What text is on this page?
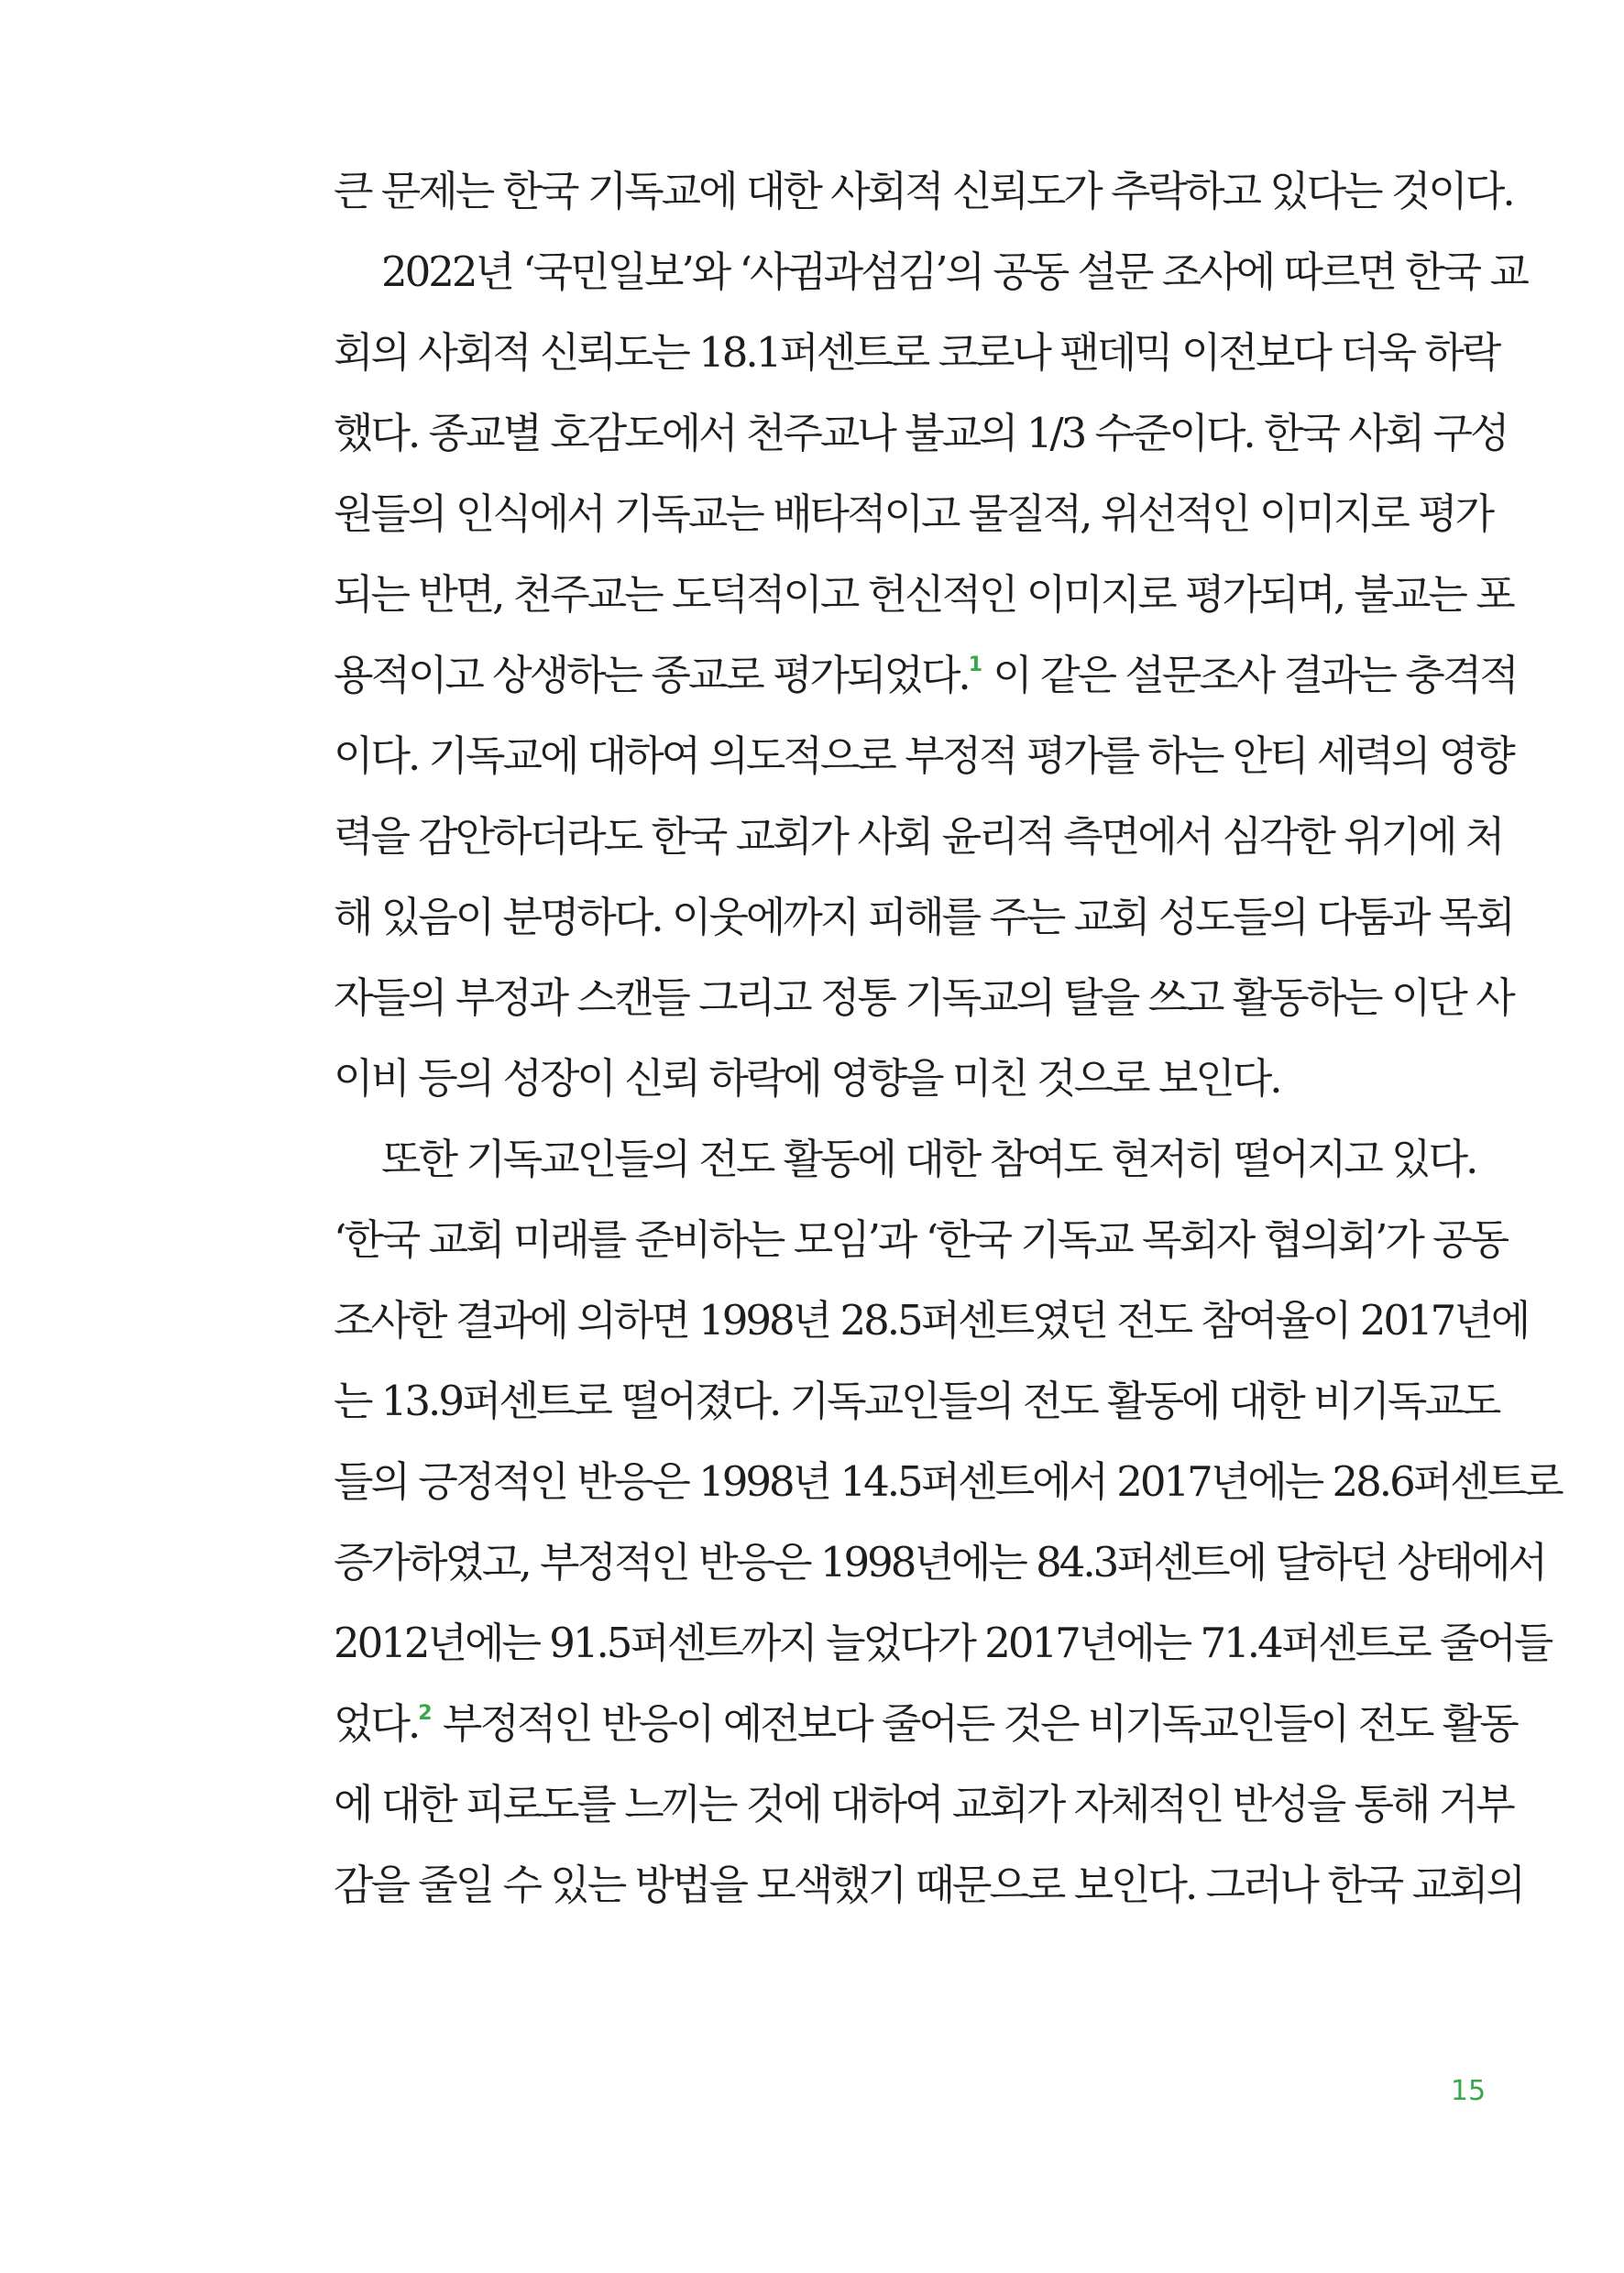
큰 문제는 한국 기독교에 대한 사회적 신뢰도가 추락하고 있다는 것이다.
2022년 ‘국민일보’와 ‘사귐과섬김’의 공동 설문 조사에 따르면 한국 교
회의 사회적 신뢰도는 18.1퍼센트로 코로나 팬데믹 이전보다 더욱 하락
했다. 종교별 호감도에서 천주교나 불교의 1/3 수준이다. 한국 사회 구성
원들의 인식에서 기독교는 배타적이고 물질적, 위선적인 이미지로 평가
되는 반면, 천주교는 도덕적이고 헌신적인 이미지로 평가되며, 불교는 포
용적이고 상생하는 종교로 평가되었다.$^1$ 이 같은 설문조사 결과는 충격적
이다. 기독교에 대하여 의도적으로 부정적 평가를 하는 안티 세력의 영향
력을 감안하더라도 한국 교회가 사회 윤리적 측면에서 심각한 위기에 처
해 있음이 분명하다. 이웃에까지 피해를 주는 교회 성도들의 다툼과 목회
자들의 부정과 스캔들 그리고 정통 기독교의 탈을 쓰고 활동하는 이단 사
이비 등의 성장이 신뢰 하락에 영향을 미친 것으로 보인다.
또한 기독교인들의 전도 활동에 대한 참여도 현저히 떨어지고 있다.
‘한국 교회 미래를 준비하는 모임’과 ‘한국 기독교 목회자 협의회’가 공동
조사한 결과에 의하면 1998년 28.5퍼센트였던 전도 참여율이 2017년에
는 13.9퍼센트로 떨어졌다. 기독교인들의 전도 활동에 대한 비기독교도
들의 긍정적인 반응은 1998년 14.5퍼센트에서 2017년에는 28.6퍼센트로
증가하였고, 부정적인 반응은 1998년에는 84.3퍼센트에 달하던 상태에서
2012년에는 91.5퍼센트까지 늘었다가 2017년에는 71.4퍼센트로 줄어들
었다.$^2$ 부정적인 반응이 예전보다 줄어든 것은 비기독교인들이 전도 활동
에 대한 피로도를 느끼는 것에 대하여 교회가 자체적인 반성을 통해 거부
감을 줄일 수 있는 방법을 모색했기 때문으로 보인다. 그러나 한국 교회의
15
